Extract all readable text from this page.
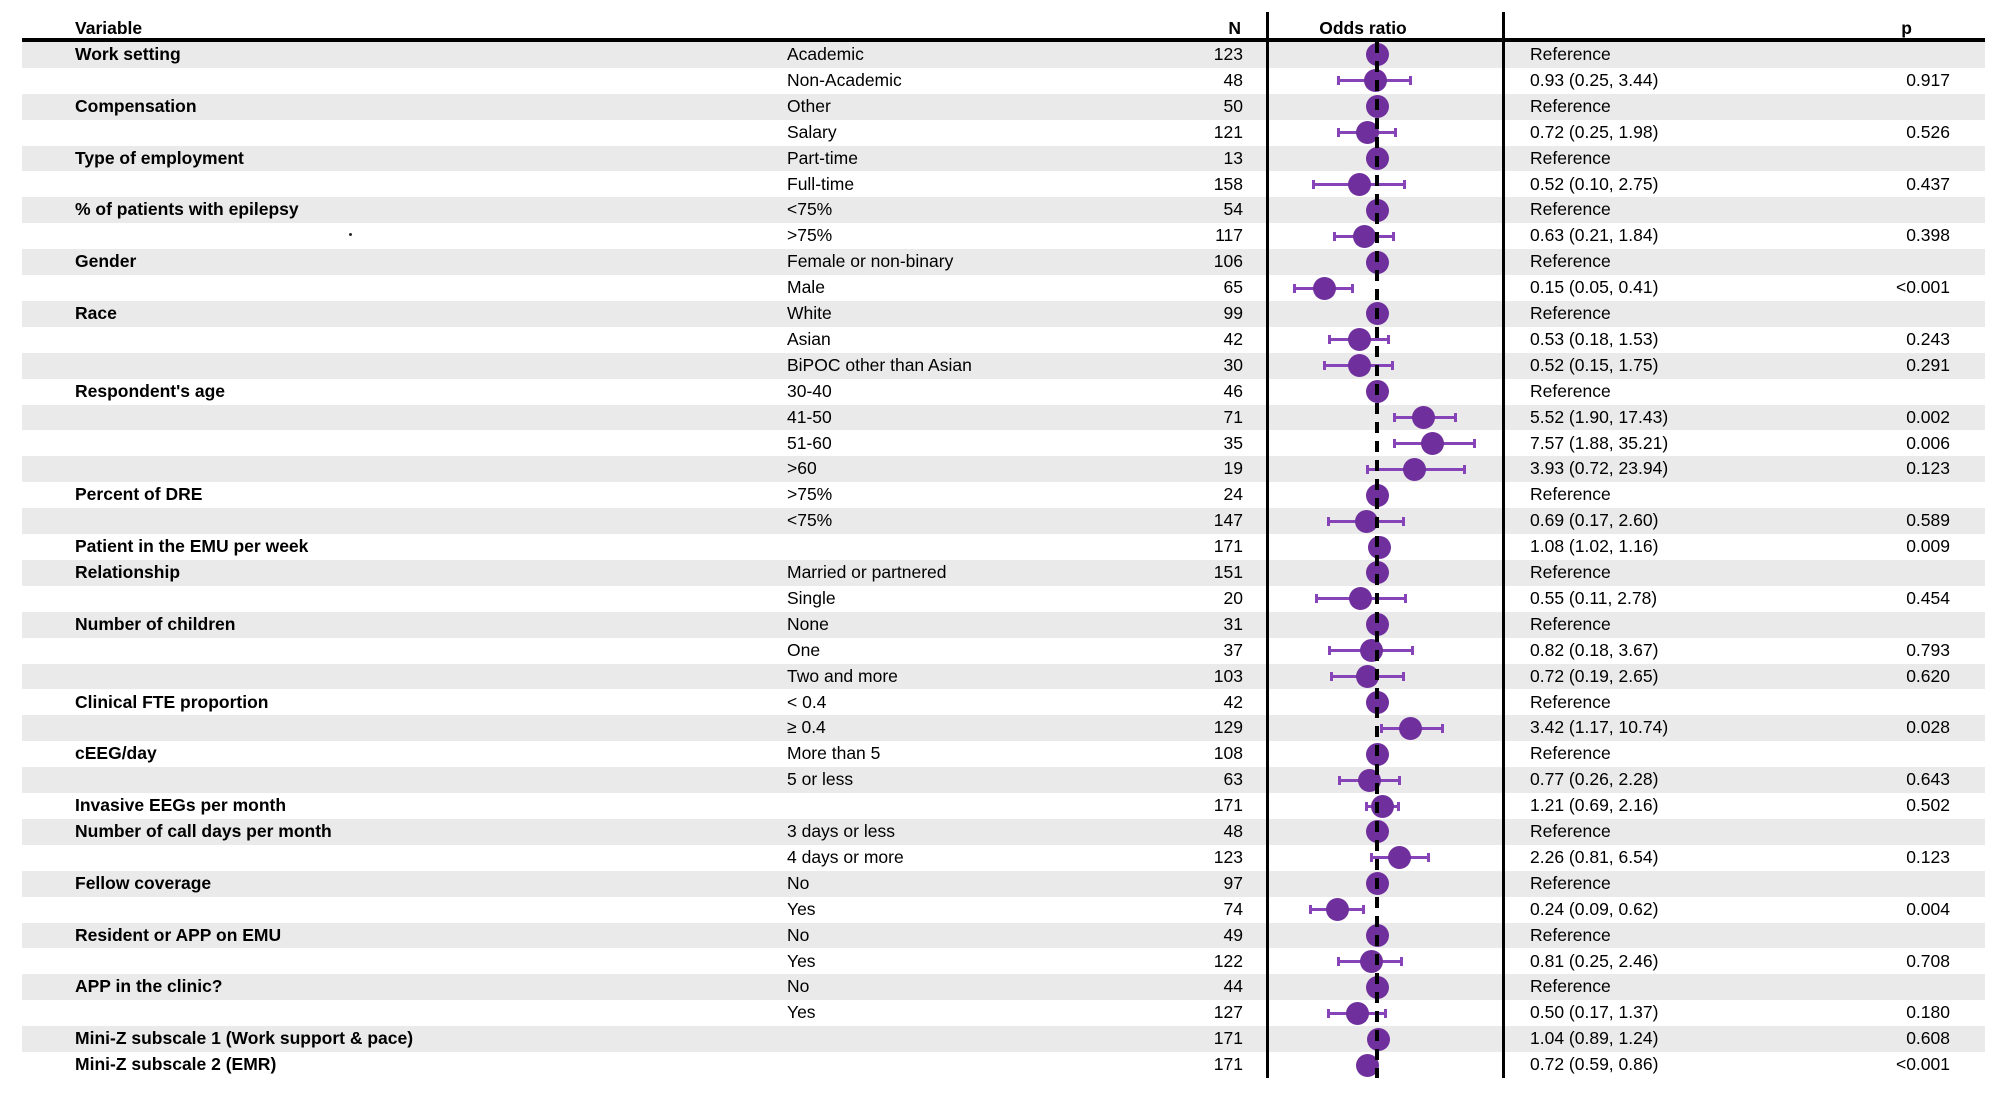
Variable	N	Odds ratio	p
Work setting	Academic	123	Reference
Non-Academic	48	0.93 (0.25, 3.44)	0.917
Compensation	Other	50	Reference
Salary	121	0.72 (0.25, 1.98)	0.526
Type of employment	Part-time	13	Reference
Full-time	158	0.52 (0.10, 2.75)	0.437
% of patients with epilepsy	<75%	54	Reference
>75%	117	0.63 (0.21, 1.84)	0.398
Gender	Female or non-binary	106	Reference
Male	65	0.15 (0.05, 0.41)	<0.001
Race	White	99	Reference
Asian	42	0.53 (0.18, 1.53)	0.243
BiPOC other than Asian	30	0.52 (0.15, 1.75)	0.291
Respondent's age	30-40	46	Reference
41-50	71	5.52 (1.90, 17.43)	0.002
51-60	35	7.57 (1.88, 35.21)	0.006
>60	19	3.93 (0.72, 23.94)	0.123
Percent of DRE	>75%	24	Reference
<75%	147	0.69 (0.17, 2.60)	0.589
Patient in the EMU per week	171	1.08 (1.02, 1.16)	0.009
Relationship	Married or partnered	151	Reference
Single	20	0.55 (0.11, 2.78)	0.454
Number of children	None	31	Reference
One	37	0.82 (0.18, 3.67)	0.793
Two and more	103	0.72 (0.19, 2.65)	0.620
Clinical FTE proportion	< 0.4	42	Reference
≥ 0.4	129	3.42 (1.17, 10.74)	0.028
cEEG/day	More than 5	108	Reference
5 or less	63	0.77 (0.26, 2.28)	0.643
Invasive EEGs per month	171	1.21 (0.69, 2.16)	0.502
Number of call days per month	3 days or less	48	Reference
4 days or more	123	2.26 (0.81, 6.54)	0.123
Fellow coverage	No	97	Reference
Yes	74	0.24 (0.09, 0.62)	0.004
Resident or APP on EMU	No	49	Reference
Yes	122	0.81 (0.25, 2.46)	0.708
APP in the clinic?	No	44	Reference
Yes	127	0.50 (0.17, 1.37)	0.180
Mini-Z subscale 1 (Work support & pace)	171	1.04 (0.89, 1.24)	0.608
Mini-Z subscale 2 (EMR)	171	0.72 (0.59, 0.86)	<0.001
